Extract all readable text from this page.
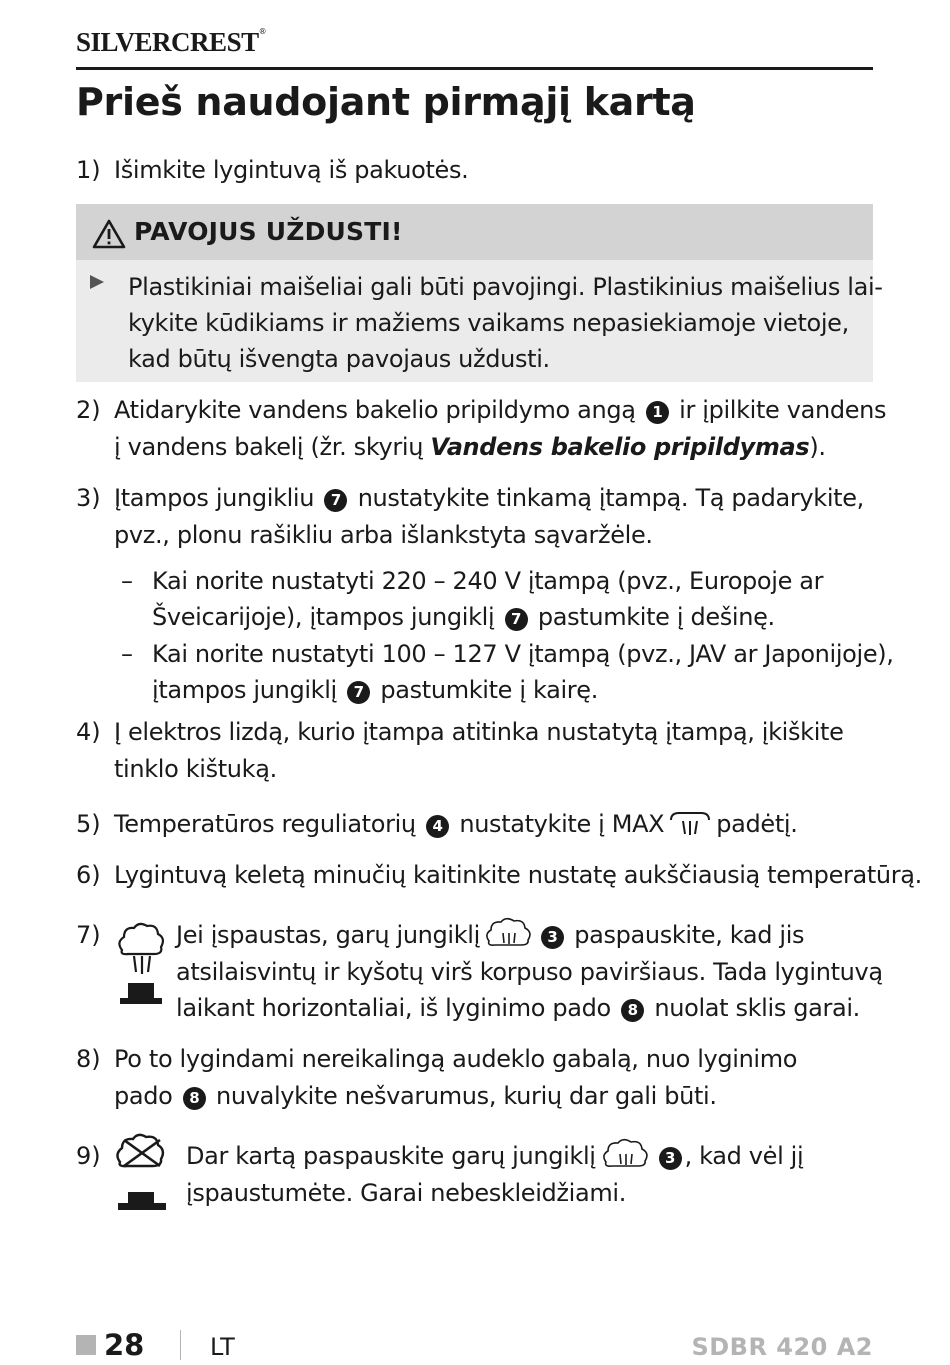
SILVERCREST®
Prieš naudojant pirmąjį kartą
1) Išimkite lygintuvą iš pakuotės.
PAVOJUS UŽDUSTI!
Plastikiniai maišeliai gali būti pavojingi. Plastikinius maišelius lai-
kykite kūdikiams ir mažiems vaikams nepasiekiamoje vietoje,
kad būtų išvengta pavojaus uždusti.
2) Atidarykite vandens bakelio pripildymo angą 1 ir įpilkite vandens
į vandens bakelį (žr. skyrių Vandens bakelio pripildymas).
3) Įtampos jungikliu 7 nustatykite tinkamą įtampą. Tą padarykite,
pvz., plonu rašikliu arba išlankstyta sąvaržėle.
– Kai norite nustatyti 220 – 240 V įtampą (pvz., Europoje ar
Šveicarijoje), įtampos jungiklį 7 pastumkite į dešinę.
– Kai norite nustatyti 100 – 127 V įtampą (pvz., JAV ar Japonijoje),
įtampos jungiklį 7 pastumkite į kairę.
4) Į elektros lizdą, kurio įtampa atitinka nustatytą įtampą, įkiškite
tinklo kištuką.
5) Temperatūros reguliatorių 4 nustatykite į MAX padėtį.
6) Lygintuvą keletą minučių kaitinkite nustatę aukščiausią temperatūrą.
7)	Jei įspaustas, garų jungiklį	3 paspauskite, kad jis
atsilaisvintų ir kyšotų virš korpuso paviršiaus. Tada lygintuvą
laikant horizontaliai, iš lyginimo pado 8 nuolat sklis garai.
8) Po to lygindami nereikalingą audeklo gabalą, nuo lyginimo
pado 8 nuvalykite nešvarumus, kurių dar gali būti.
9)	Dar kartą paspauskite garų jungiklį	3 , kad vėl jį
įspaustumėte. Garai nebeskleidžiami.
28	LT	SDBR 420 A2
